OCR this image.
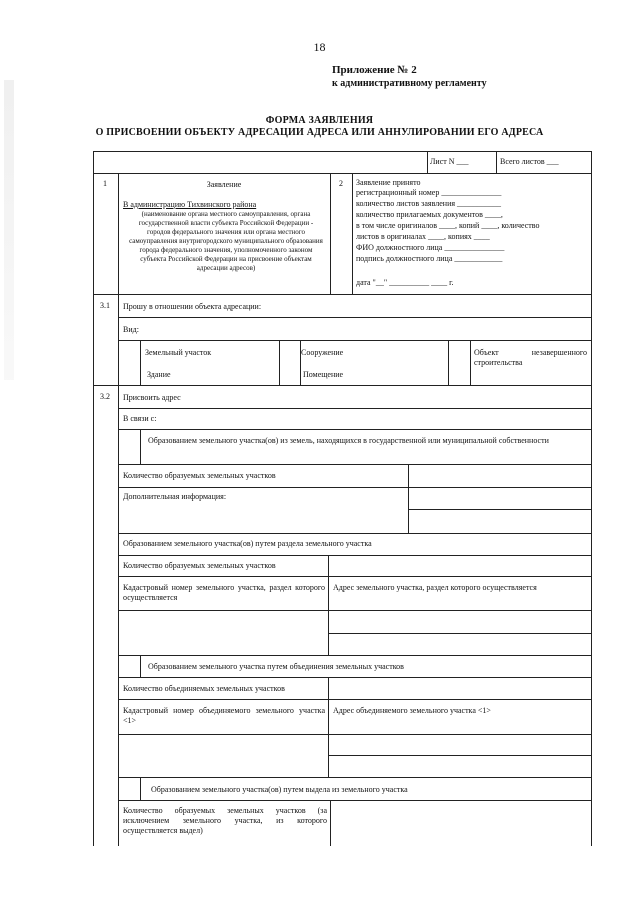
18
Приложение № 2
к административному регламенту
ФОРМА ЗАЯВЛЕНИЯ
О ПРИСВОЕНИИ ОБЪЕКТУ АДРЕСАЦИИ АДРЕСА ИЛИ АННУЛИРОВАНИИ ЕГО АДРЕСА
Лист N ___	Всего листов ___
1	Заявление
В администрацию Тихвинского района
(наименование органа местного самоуправления, органа государственной власти субъекта Российской Федерации - городов федерального значения или органа местного самоуправления внутригородского муниципального образования города федерального значения, уполномоченного законом субъекта Российской Федерации на присвоение объектам адресации адресов)
2 Заявление принято
регистрационный номер _______________
количество листов заявления ___________
количество прилагаемых документов ____,
в том числе оригиналов ____, копий ____, количество
листов в оригиналах ____, копиях ____
ФИО должностного лица _______________
подпись должностного лица ____________
дата "__" __________ ____ г.
3.1 Прошу в отношении объекта адресации:
Вид:
Земельный участок
Здание
Сооружение
Помещение
Объект незавершенного строительства
3.2 Присвоить адрес
В связи с:
Образованием земельного участка(ов) из земель, находящихся в государственной или муниципальной собственности
Количество образуемых земельных участков
Дополнительная информация:
Образованием земельного участка(ов) путем раздела земельного участка
Количество образуемых земельных участков
Кадастровый номер земельного участка, раздел которого осуществляется
Адрес земельного участка, раздел которого осуществляется
Образованием земельного участка путем объединения земельных участков
Количество объединяемых земельных участков
Кадастровый номер объединяемого земельного участка <1>
Адрес объединяемого земельного участка <1>
Образованием земельного участка(ов) путем выдела из земельного участка
Количество образуемых земельных участков (за исключением земельного участка, из которого осуществляется выдел)
